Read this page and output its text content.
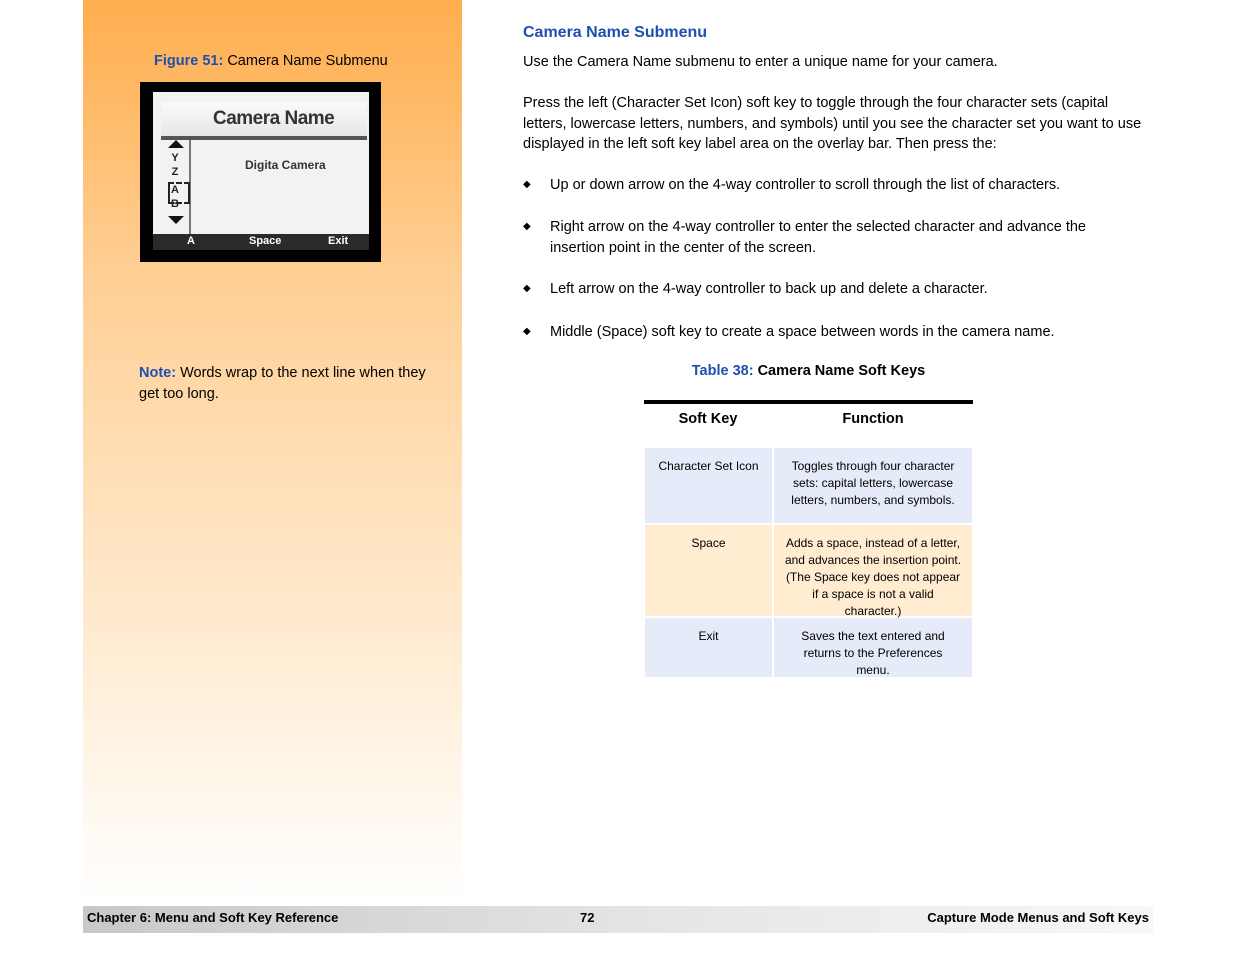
Figure 51: Camera Name Submenu
Camera Name
Y
Z
A
B
Digita Camera
A	Space	Exit
Note: Words wrap to the next line when they get too long.
Camera Name Submenu
Use the Camera Name submenu to enter a unique name for your camera.
Press the left (Character Set Icon) soft key to toggle through the four character sets (capital letters, lowercase letters, numbers, and symbols) until you see the character set you want to use displayed in the left soft key label area on the overlay bar. Then press the:
◆ Up or down arrow on the 4-way controller to scroll through the list of characters.
◆ Right arrow on the 4-way controller to enter the selected character and advance the insertion point in the center of the screen.
◆ Left arrow on the 4-way controller to back up and delete a character.
◆ Middle (Space) soft key to create a space between words in the camera name.
Table 38: Camera Name Soft Keys
Soft Key	Function
Character Set Icon	Toggles through four character sets: capital letters, lowercase letters, numbers, and symbols.
Space	Adds a space, instead of a letter, and advances the insertion point. (The Space key does not appear if a space is not a valid character.)
Exit	Saves the text entered and returns to the Preferences menu.
Chapter 6: Menu and Soft Key Reference	72	Capture Mode Menus and Soft Keys
